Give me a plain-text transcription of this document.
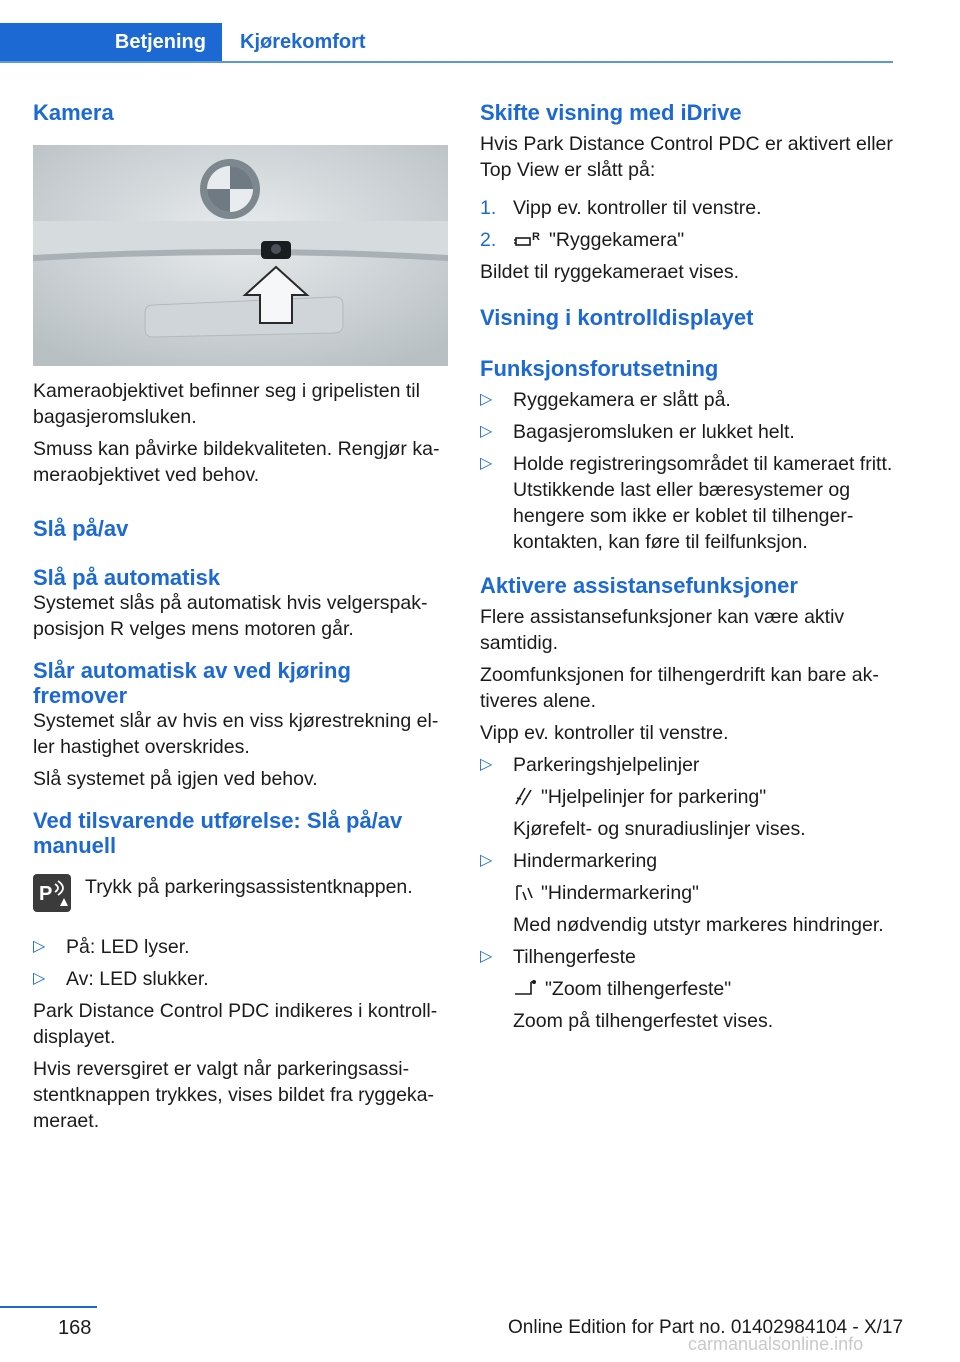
Betjening Kjørekomfort
Kamera

Kameraobjektivet befinner seg i gripelisten til bagasjeromsluken.

Smuss kan påvirke bildekvaliteten. Rengjør kameraobjektivet ved behov.

Slå på/av
Slå på automatisk

Systemet slås på automatisk hvis velgerspakposisjon R velges mens motoren går.

Slår automatisk av ved kjøring fremover

Systemet slår av hvis en viss kjørestrekning eller hastighet overskrides.

Slå systemet på igjen ved behov.

Ved tilsvarende utførelse: Slå på/av manuell
P Trykk på parkeringsassistentknappen.

▷ På: LED lyser.
▷ Av: LED slukker.

Park Distance Control PDC indikeres i kontrolldisplayet.

Hvis reversgiret er valgt når parkeringsassistentknappen trykkes, vises bildet fra ryggekameraet.

Skifte visning med iDrive

Hvis Park Distance Control PDC er aktivert eller Top View er slått på:

1. Vipp ev. kontroller til venstre.
2.	R "Ryggekamera"

Bildet til ryggekameraet vises.

Visning i kontrolldisplayet
Funksjonsforutsetning
▷ Ryggekamera er slått på.
▷ Bagasjeromsluken er lukket helt.
▷ Holde registreringsområdet til kameraet fritt. Utstikkende last eller bæresystemer og hengere som ikke er koblet til tilhengerkontakten, kan føre til feilfunksjon.
Aktivere assistansefunksjoner

Flere assistansefunksjoner kan være aktiv samtidig.

Zoomfunksjonen for tilhengerdrift kan bare aktiveres alene.

Vipp ev. kontroller til venstre.

▷ Parkeringshjelpelinjer
"Hjelpelinjer for parkering"
Kjørefelt- og snuradiuslinjer vises.
▷ Hindermarkering
"Hindermarkering"
Med nødvendig utstyr markeres hindringer.
▷ Tilhengerfeste
"Zoom tilhengerfeste"
Zoom på tilhengerfestet vises.
168	Online Edition for Part no. 01402984104 - X/17
carmanualsonline.info
